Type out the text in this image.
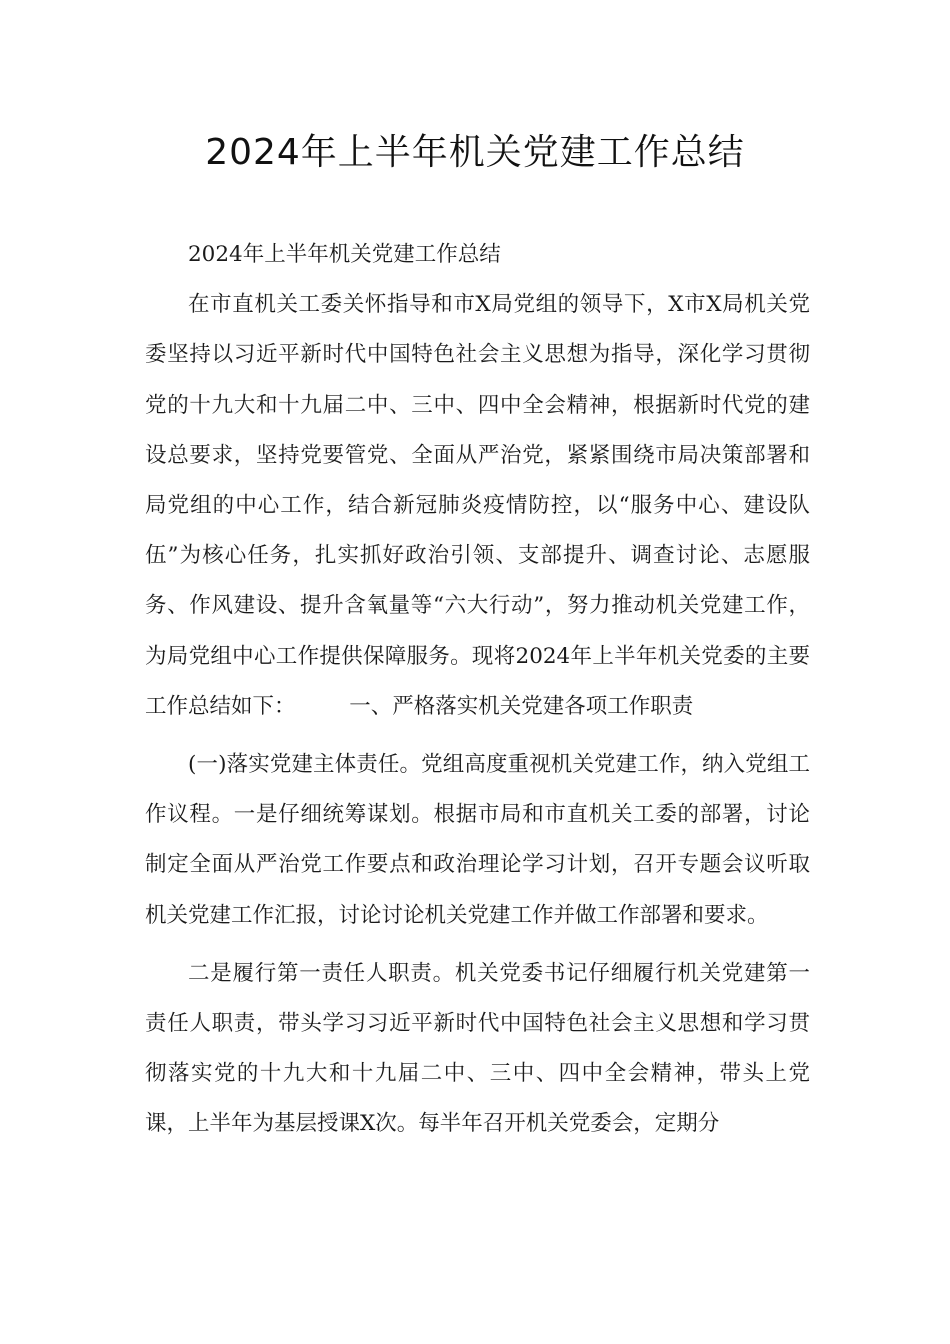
2024年上半年机关党建工作总结

2024年上半年机关党建工作总结

在市直机关工委关怀指导和市X局党组的领导下，X市X局机关党委坚持以习近平新时代中国特色社会主义思想为指导，深化学习贯彻党的十九大和十九届二中、三中、四中全会精神，根据新时代党的建设总要求，坚持党要管党、全面从严治党，紧紧围绕市局决策部署和局党组的中心工作，结合新冠肺炎疫情防控，以“服务中心、建设队伍”为核心任务，扎实抓好政治引领、支部提升、调查讨论、志愿服务、作风建设、提升含氧量等“六大行动”，努力推动机关党建工作，为局党组中心工作提供保障服务。现将2024年上半年机关党委的主要工作总结如下：　　　一、严格落实机关党建各项工作职责

(一)落实党建主体责任。党组高度重视机关党建工作，纳入党组工作议程。一是仔细统筹谋划。根据市局和市直机关工委的部署，讨论制定全面从严治党工作要点和政治理论学习计划，召开专题会议听取机关党建工作汇报，讨论讨论机关党建工作并做工作部署和要求。

二是履行第一责任人职责。机关党委书记仔细履行机关党建第一责任人职责，带头学习习近平新时代中国特色社会主义思想和学习贯彻落实党的十九大和十九届二中、三中、四中全会精神，带头上党课，上半年为基层授课X次。每半年召开机关党委会，定期分
